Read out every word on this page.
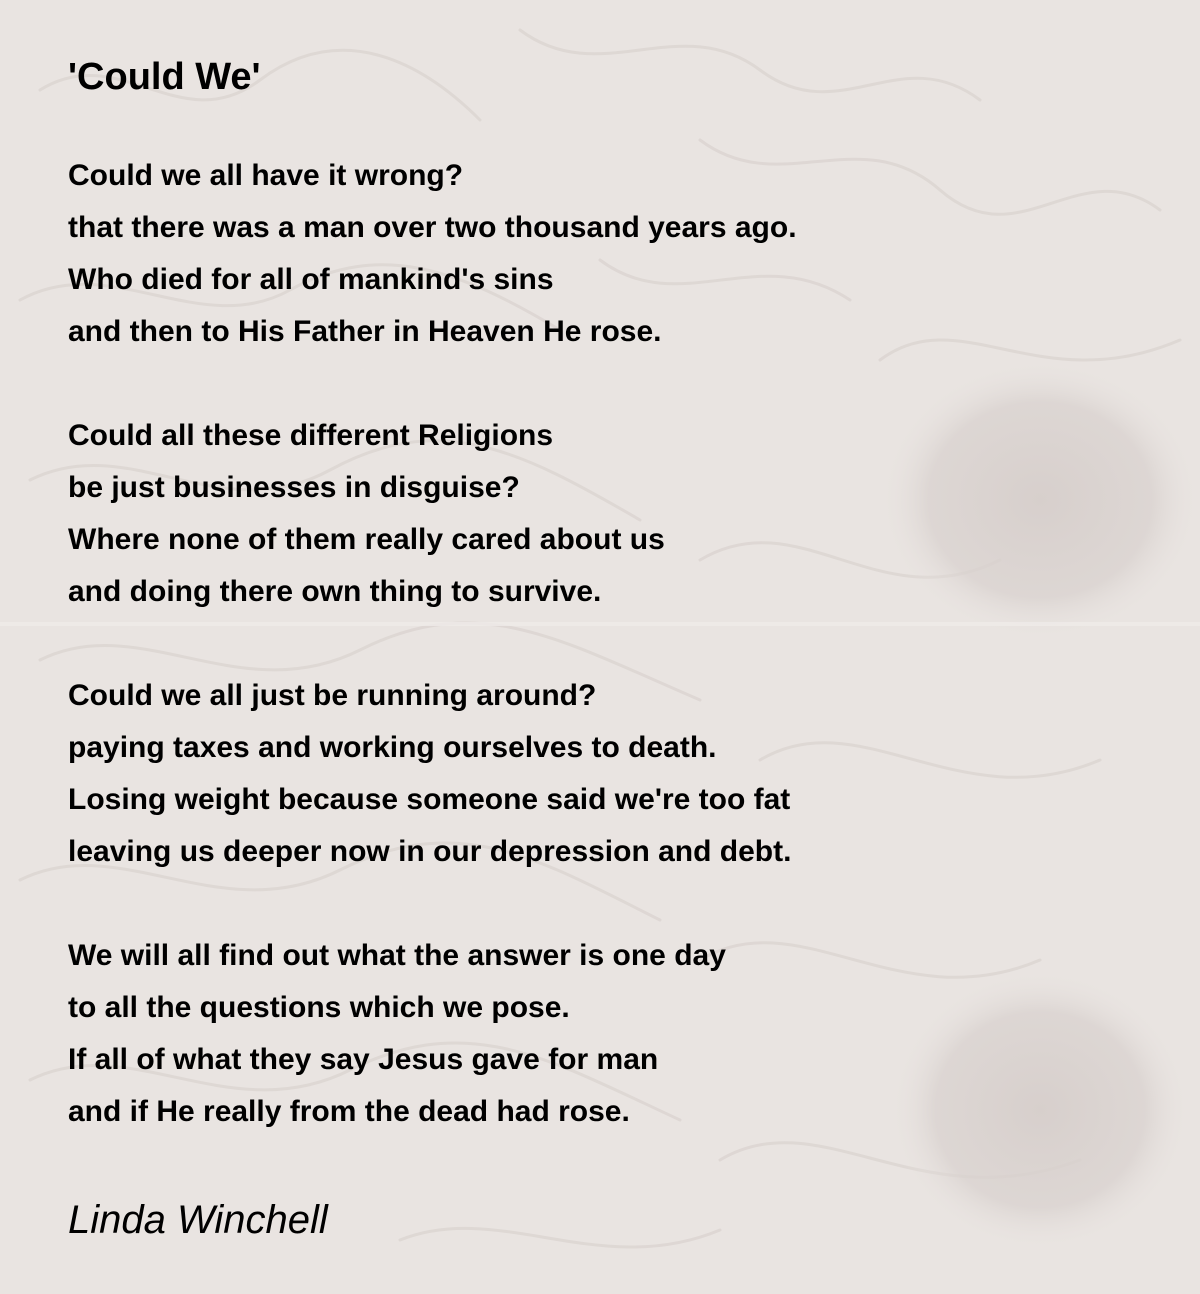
'Could We'
Could we all have it wrong?
that there was a man over two thousand years ago.
Who died for all of mankind's sins
and then to His Father in Heaven He rose.
Could all these different Religions
be just businesses in disguise?
Where none of them really cared about us
and doing there own thing to survive.
Could we all just be running around?
paying taxes and working ourselves to death.
Losing weight because someone said we're too fat
leaving us deeper now in our depression and debt.
We will all find out what the answer is one day
to all the questions which we pose.
If all of what they say Jesus gave for man
and if He really from the dead had rose.

Linda Winchell
